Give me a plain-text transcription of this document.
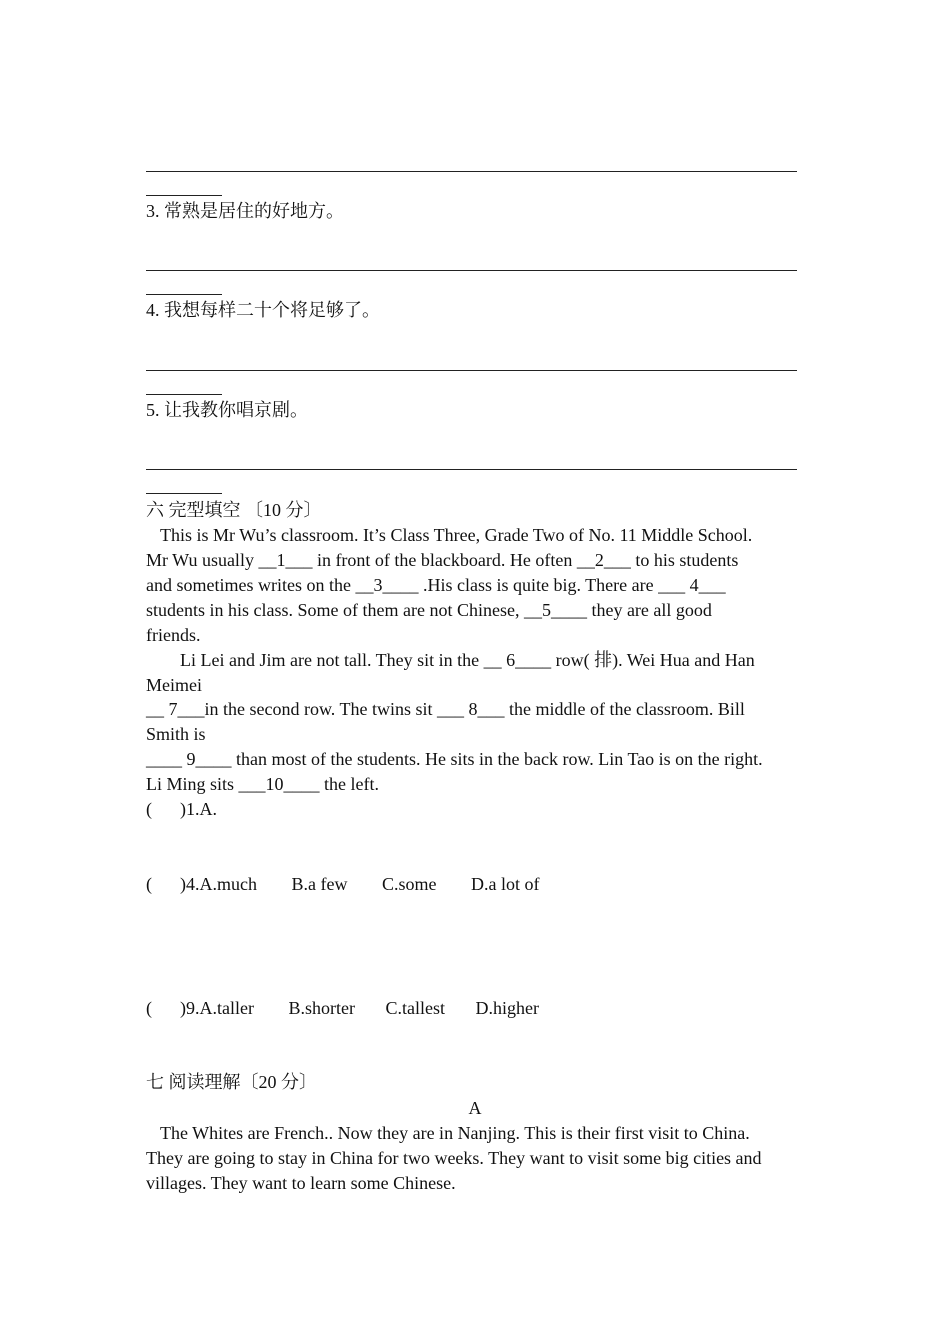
3. 常熟是居住的好地方。
4. 我想每样二十个将足够了。
5. 让我教你唱京剧。
六 完型填空 〔10 分〕
This is Mr Wu’s classroom. It’s Class Three, Grade Two of No. 11 Middle School.
Mr Wu usually __1___ in front of the blackboard. He often __2___ to his students
and sometimes writes on the __3____ .His class is quite big. There are ___ 4___
students in his class. Some of them are not Chinese, __5____ they are all good
friends.
Li Lei and Jim are not tall. They sit in the __ 6____ row( 排). Wei Hua and Han
Meimei
__ 7___in the second row. The twins sit ___ 8___ the middle of the classroom. Bill
Smith is
____ 9____ than most of the students. He sits in the back row. Lin Tao is on the right.
Li Ming sits ___10____ the left.
( )1.A.
( )4.A.much B.a few C.some D.a lot of
( )9.A.taller B.shorter C.tallest D.higher
七 阅读理解〔20 分〕
A
The Whites are French.. Now they are in Nanjing. This is their first visit to China.
They are going to stay in China for two weeks. They want to visit some big cities and
villages. They want to learn some Chinese.
